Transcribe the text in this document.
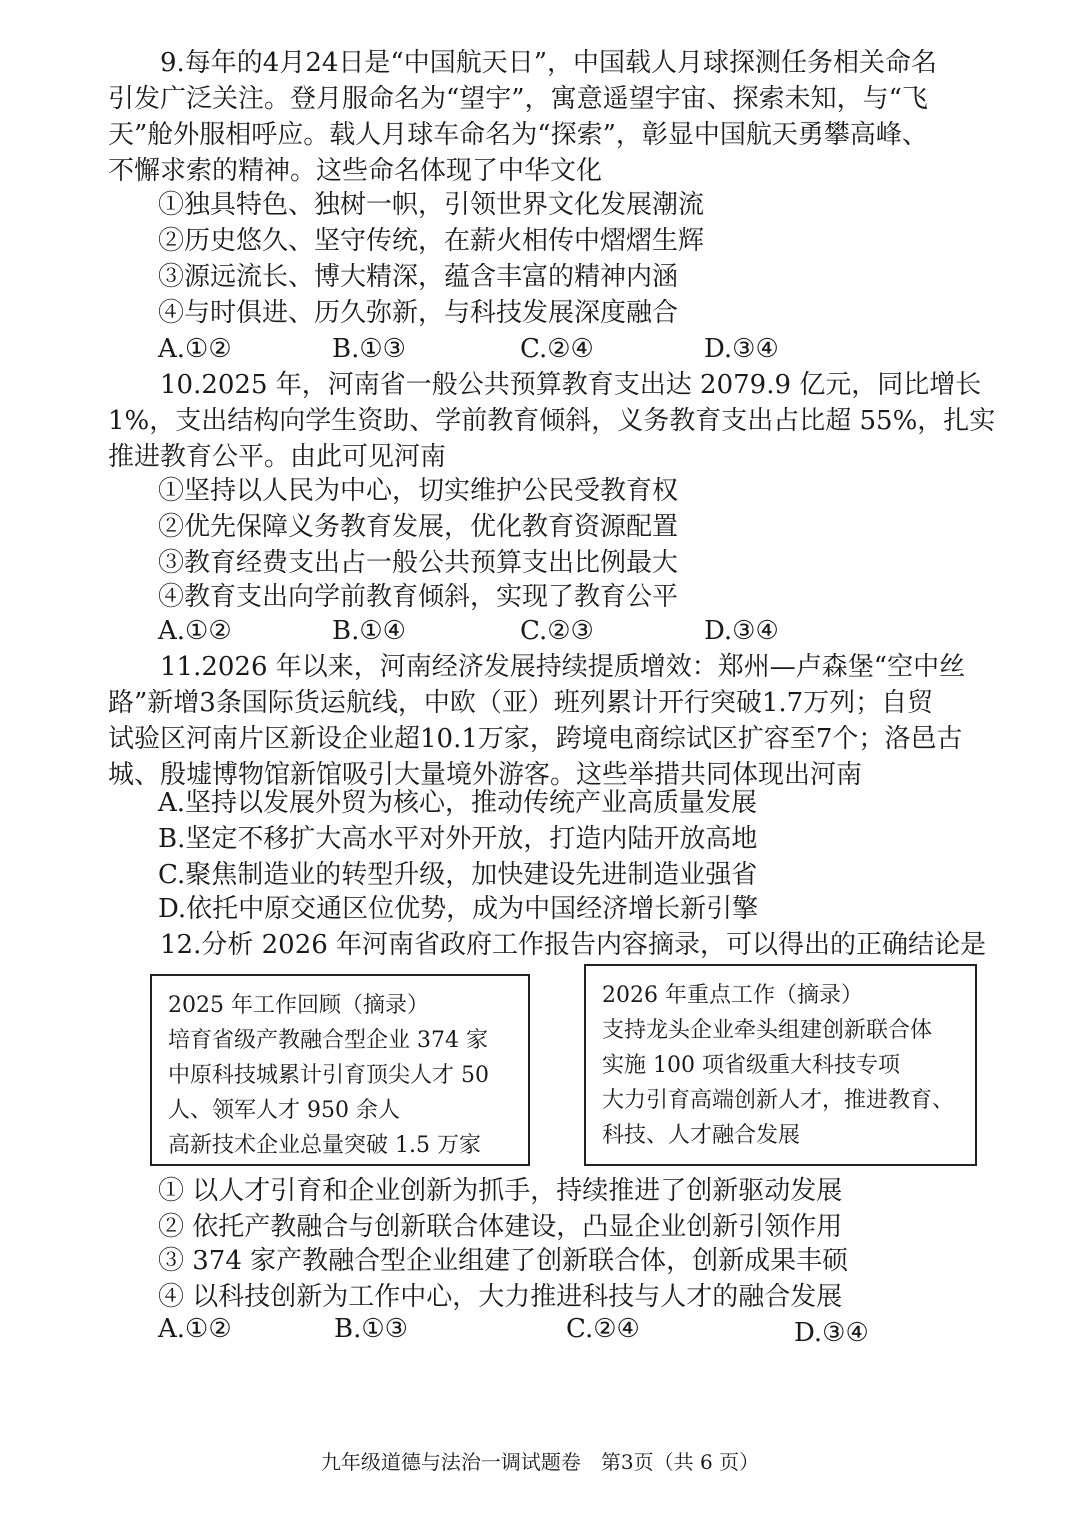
9.每年的4月24日是“中国航天日”，中国载人月球探测任务相关命名
引发广泛关注。登月服命名为“望宇”，寓意遥望宇宙、探索未知，与“飞
天”舱外服相呼应。载人月球车命名为“探索”，彰显中国航天勇攀高峰、
不懈求索的精神。这些命名体现了中华文化
①独具特色、独树一帜，引领世界文化发展潮流
②历史悠久、坚守传统，在薪火相传中熠熠生辉
③源远流长、博大精深，蕴含丰富的精神内涵
④与时俱进、历久弥新，与科技发展深度融合
A.①②	B.①③	C.②④	D.③④
10.2025 年，河南省一般公共预算教育支出达 2079.9 亿元，同比增长
1%，支出结构向学生资助、学前教育倾斜，义务教育支出占比超 55%，扎实
推进教育公平。由此可见河南
①坚持以人民为中心，切实维护公民受教育权
②优先保障义务教育发展，优化教育资源配置
③教育经费支出占一般公共预算支出比例最大
④教育支出向学前教育倾斜，实现了教育公平
A.①②	B.①④	C.②③	D.③④
11.2026 年以来，河南经济发展持续提质增效：郑州—卢森堡“空中丝
路”新增3条国际货运航线，中欧（亚）班列累计开行突破1.7万列；自贸
试验区河南片区新设企业超10.1万家，跨境电商综试区扩容至7个；洛邑古
城、殷墟博物馆新馆吸引大量境外游客。这些举措共同体现出河南
A.坚持以发展外贸为核心，推动传统产业高质量发展
B.坚定不移扩大高水平对外开放，打造内陆开放高地
C.聚焦制造业的转型升级，加快建设先进制造业强省
D.依托中原交通区位优势，成为中国经济增长新引擎
12.分析 2026 年河南省政府工作报告内容摘录，可以得出的正确结论是
2025 年工作回顾（摘录）
培育省级产教融合型企业 374 家
中原科技城累计引育顶尖人才 50
人、领军人才 950 余人
高新技术企业总量突破 1.5 万家
2026 年重点工作（摘录）
支持龙头企业牵头组建创新联合体
实施 100 项省级重大科技专项
大力引育高端创新人才，推进教育、
科技、人才融合发展
① 以人才引育和企业创新为抓手，持续推进了创新驱动发展
② 依托产教融合与创新联合体建设，凸显企业创新引领作用
③ 374 家产教融合型企业组建了创新联合体，创新成果丰硕
④ 以科技创新为工作中心，大力推进科技与人才的融合发展
A.①②	B.①③	C.②④	D.③④
九年级道德与法治一调试题卷　第3页（共 6 页）
